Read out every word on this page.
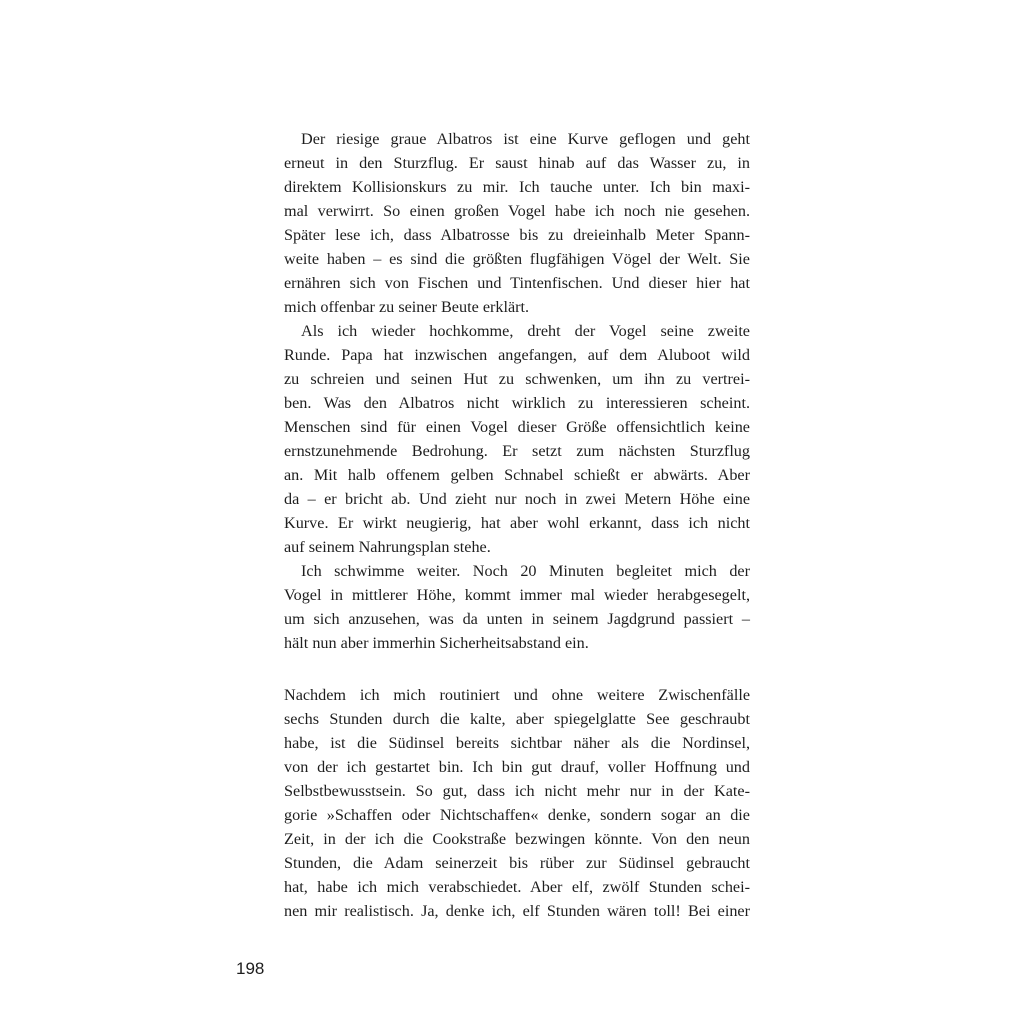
Der riesige graue Albatros ist eine Kurve geflogen und geht
erneut in den Sturzflug. Er saust hinab auf das Wasser zu, in
direktem Kollisionskurs zu mir. Ich tauche unter. Ich bin maxi-
mal verwirrt. So einen großen Vogel habe ich noch nie gesehen.
Später lese ich, dass Albatrosse bis zu dreieinhalb Meter Spann-
weite haben – es sind die größten flugfähigen Vögel der Welt. Sie
ernähren sich von Fischen und Tintenfischen. Und dieser hier hat
mich offenbar zu seiner Beute erklärt.
Als ich wieder hochkomme, dreht der Vogel seine zweite
Runde. Papa hat inzwischen angefangen, auf dem Aluboot wild
zu schreien und seinen Hut zu schwenken, um ihn zu vertrei-
ben. Was den Albatros nicht wirklich zu interessieren scheint.
Menschen sind für einen Vogel dieser Größe offensichtlich keine
ernstzunehmende Bedrohung. Er setzt zum nächsten Sturzflug
an. Mit halb offenem gelben Schnabel schießt er abwärts. Aber
da – er bricht ab. Und zieht nur noch in zwei Metern Höhe eine
Kurve. Er wirkt neugierig, hat aber wohl erkannt, dass ich nicht
auf seinem Nahrungsplan stehe.
Ich schwimme weiter. Noch 20 Minuten begleitet mich der
Vogel in mittlerer Höhe, kommt immer mal wieder herabgesegelt,
um sich anzusehen, was da unten in seinem Jagdgrund passiert –
hält nun aber immerhin Sicherheitsabstand ein.
Nachdem ich mich routiniert und ohne weitere Zwischenfälle
sechs Stunden durch die kalte, aber spiegelglatte See geschraubt
habe, ist die Südinsel bereits sichtbar näher als die Nordinsel,
von der ich gestartet bin. Ich bin gut drauf, voller Hoffnung und
Selbstbewusstsein. So gut, dass ich nicht mehr nur in der Kate-
gorie »Schaffen oder Nichtschaffen« denke, sondern sogar an die
Zeit, in der ich die Cookstraße bezwingen könnte. Von den neun
Stunden, die Adam seinerzeit bis rüber zur Südinsel gebraucht
hat, habe ich mich verabschiedet. Aber elf, zwölf Stunden schei-
nen mir realistisch. Ja, denke ich, elf Stunden wären toll! Bei einer
198
